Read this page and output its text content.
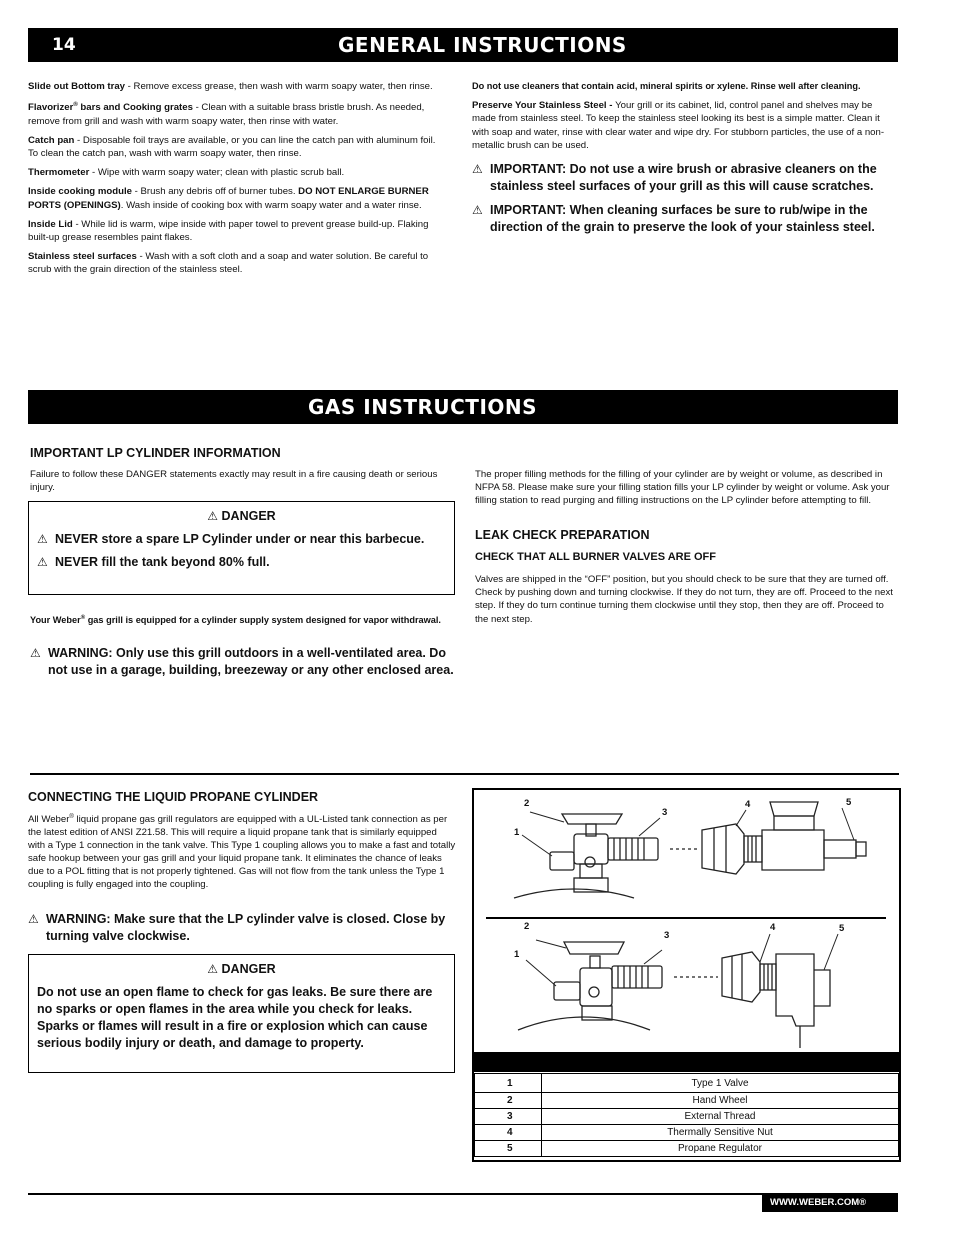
14	GENERAL INSTRUCTIONS

Slide out Bottom tray - Remove excess grease, then wash with warm soapy water, then rinse.

Flavorizer® bars and Cooking grates - Clean with a suitable brass bristle brush. As needed, remove from grill and wash with warm soapy water, then rinse with water.

Catch pan - Disposable foil trays are available, or you can line the catch pan with aluminum foil. To clean the catch pan, wash with warm soapy water, then rinse.

Thermometer - Wipe with warm soapy water; clean with plastic scrub ball.

Inside cooking module - Brush any debris off of burner tubes. DO NOT ENLARGE BURNER PORTS (OPENINGS). Wash inside of cooking box with warm soapy water and a water rinse.

Inside Lid - While lid is warm, wipe inside with paper towel to prevent grease build-up. Flaking built-up grease resembles paint flakes.

Stainless steel surfaces - Wash with a soft cloth and a soap and water solution. Be careful to scrub with the grain direction of the stainless steel.

Do not use cleaners that contain acid, mineral spirits or xylene. Rinse well after cleaning.

Preserve Your Stainless Steel - Your grill or its cabinet, lid, control panel and shelves may be made from stainless steel. To keep the stainless steel looking its best is a simple matter. Clean it with soap and water, rinse with clear water and wipe dry. For stubborn particles, the use of a non-metallic brush can be used.

⚠ IMPORTANT: Do not use a wire brush or abrasive cleaners on the stainless steel surfaces of your grill as this will cause scratches.
⚠ IMPORTANT: When cleaning surfaces be sure to rub/wipe in the direction of the grain to preserve the look of your stainless steel.
GAS INSTRUCTIONS
IMPORTANT LP CYLINDER INFORMATION
Failure to follow these DANGER statements exactly may result in a fire causing death or serious injury.
⚠ DANGER
⚠ NEVER store a spare LP Cylinder under or near this barbecue.
⚠ NEVER fill the tank beyond 80% full.
Your Weber® gas grill is equipped for a cylinder supply system designed for vapor withdrawal.
⚠ WARNING: Only use this grill outdoors in a well-ventilated area. Do not use in a garage, building, breezeway or any other enclosed area.
The proper filling methods for the filling of your cylinder are by weight or volume, as described in NFPA 58. Please make sure your filling station fills your LP cylinder by weight or volume. Ask your filling station to read purging and filling instructions on the LP cylinder before attempting to fill.
LEAK CHECK PREPARATION
CHECK THAT ALL BURNER VALVES ARE OFF
Valves are shipped in the “OFF” position, but you should check to be sure that they are turned off. Check by pushing down and turning clockwise. If they do not turn, they are off. Proceed to the next step. If they do turn continue turning them clockwise until they stop, then they are off. Proceed to the next step.
CONNECTING THE LIQUID PROPANE CYLINDER
All Weber® liquid propane gas grill regulators are equipped with a UL-Listed tank connection as per the latest edition of ANSI Z21.58. This will require a liquid propane tank that is similarly equipped with a Type 1 connection in the tank valve. This Type 1 coupling allows you to make a fast and totally safe hookup between your gas grill and your liquid propane tank. It eliminates the chance of leaks due to a POL fitting that is not properly tightened. Gas will not flow from the tank unless the Type 1 coupling is fully engaged into the coupling.
⚠ WARNING: Make sure that the LP cylinder valve is closed. Close by turning valve clockwise.
⚠ DANGER
Do not use an open flame to check for gas leaks. Be sure there are no sparks or open flames in the area while you check for leaks. Sparks or flames will result in a fire or explosion which can cause serious bodily injury or death, and damage to property.
2
3
1
4	5
2
3
1
4	5
1	Type 1 Valve
2	Hand Wheel
3	External Thread
4	Thermally Sensitive Nut
5	Propane Regulator
WWW.WEBER.COM®
